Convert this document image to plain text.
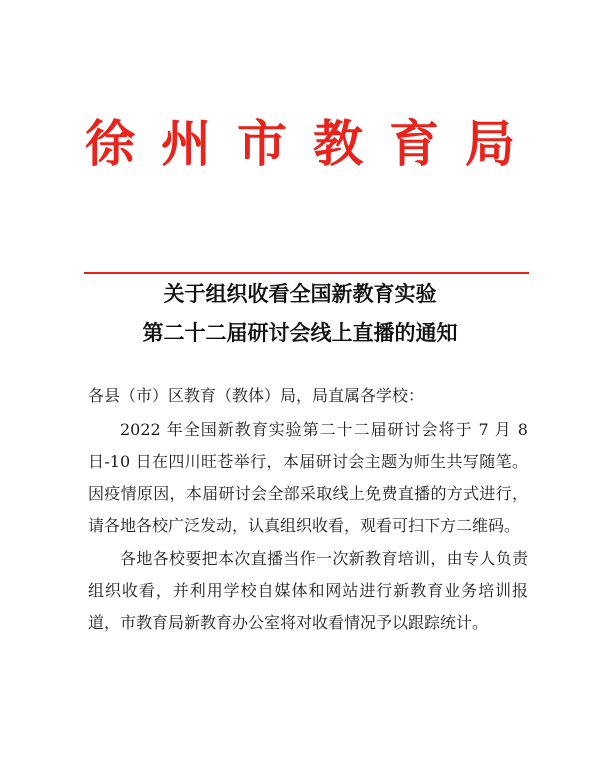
徐州市教育局
关于组织收看全国新教育实验
第二十二届研讨会线上直播的通知
各县（市）区教育（教体）局，局直属各学校：

2022 年全国新教育实验第二十二届研讨会将于 7 月 8 日-10 日在四川旺苍举行，本届研讨会主题为师生共写随笔。因疫情原因，本届研讨会全部采取线上免费直播的方式进行，请各地各校广泛发动，认真组织收看，观看可扫下方二维码。

各地各校要把本次直播当作一次新教育培训，由专人负责组织收看，并利用学校自媒体和网站进行新教育业务培训报道，市教育局新教育办公室将对收看情况予以跟踪统计。
